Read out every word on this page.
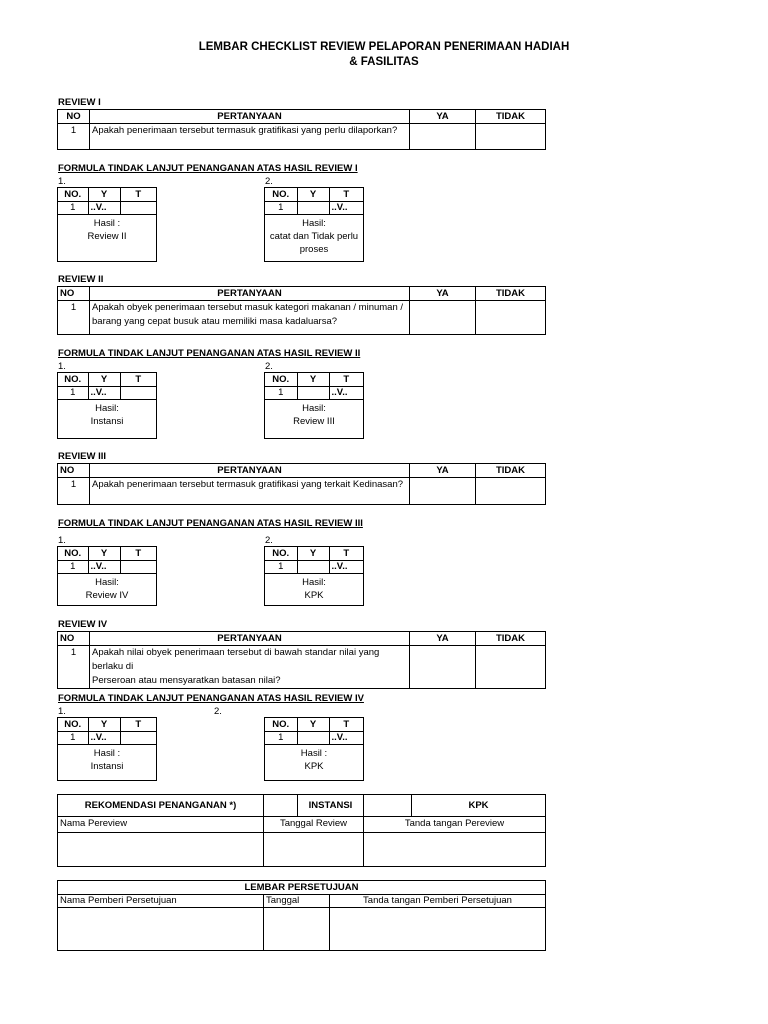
LEMBAR CHECKLIST REVIEW PELAPORAN PENERIMAAN HADIAH
& FASILITAS
REVIEW I
NO	PERTANYAAN	YA	TIDAK
1	Apakah penerimaan tersebut termasuk gratifikasi yang perlu dilaporkan?		

FORMULA TINDAK LANJUT PENANGANAN ATAS HASIL REVIEW I
1.	2.
NO.	Y	T
1	..V..	
Hasil :
Review II
NO.	Y	T
1		..V..
Hasil:
catat dan Tidak perlu
proses
REVIEW II
NO	PERTANYAAN	YA	TIDAK
1	Apakah obyek penerimaan tersebut masuk kategori makanan / minuman /
barang yang cepat busuk atau memiliki masa kadaluarsa?		

FORMULA TINDAK LANJUT PENANGANAN ATAS HASIL REVIEW II
1.	2.
NO.	Y	T
1	..V..	
Hasil:
Instansi
NO.	Y	T
1		..V..
Hasil:
Review III
REVIEW III
NO	PERTANYAAN	YA	TIDAK
1	Apakah penerimaan tersebut termasuk gratifikasi yang terkait Kedinasan?		

FORMULA TINDAK LANJUT PENANGANAN ATAS HASIL REVIEW III
1.	2.
NO.	Y	T
1	..V..	
Hasil:
Review IV
NO.	Y	T
1		..V..
Hasil:
KPK
REVIEW IV
NO	PERTANYAAN	YA	TIDAK
1	Apakah nilai obyek penerimaan tersebut di bawah standar nilai yang berlaku di
Perseroan atau mensyaratkan batasan nilai?		

FORMULA TINDAK LANJUT PENANGANAN ATAS HASIL REVIEW IV
1.	2.
NO.	Y	T
1	..V..	
Hasil :
Instansi
NO.	Y	T
1		..V..
Hasil :
KPK
REKOMENDASI PENANGANAN *)		INSTANSI		KPK
Nama Pereview	Tanggal Review	Tanda tangan Pereview

LEMBAR PERSETUJUAN		
Nama Pemberi Persetujuan	Tanggal	Tanda tangan Pemberi Persetujuan
